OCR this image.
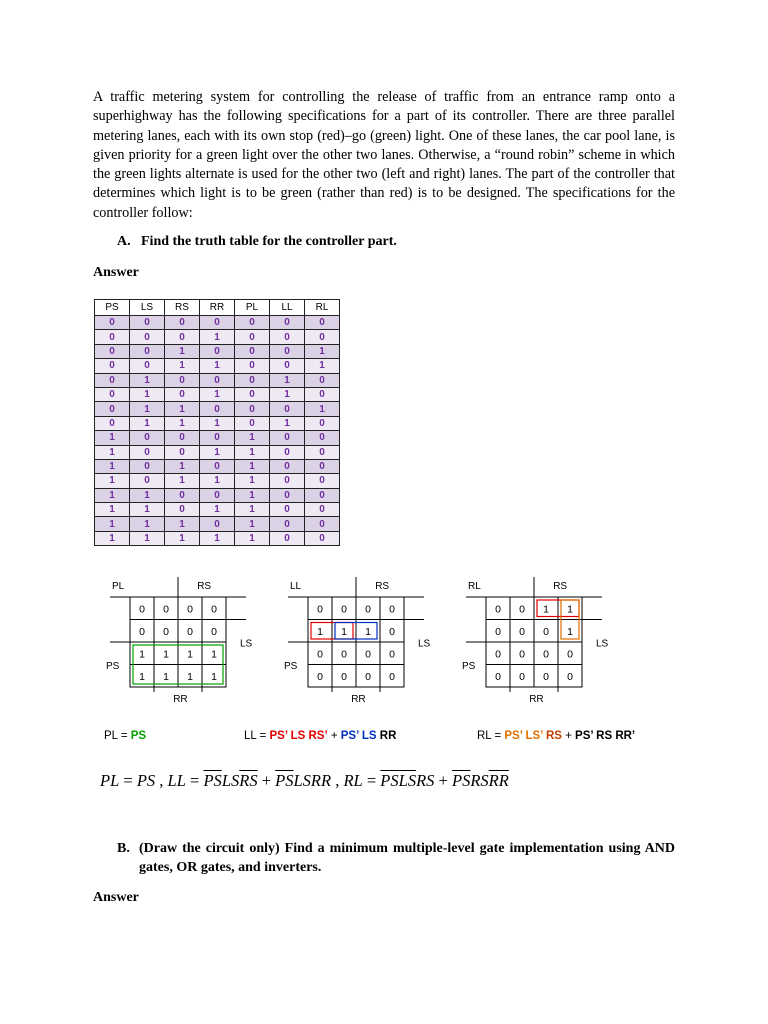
A traffic metering system for controlling the release of traffic from an entrance ramp onto a superhighway has the following specifications for a part of its controller. There are three parallel metering lanes, each with its own stop (red)–go (green) light. One of these lanes, the car pool lane, is given priority for a green light over the other two lanes. Otherwise, a “round robin” scheme in which the green lights alternate is used for the other two (left and right) lanes. The part of the controller that determines which light is to be green (rather than red) is to be designed. The specifications for the controller follow:

A. Find the truth table for the controller part.
Answer
PS	LS	RS	RR	PL	LL	RL
0	0	0	0	0	0	0
0	0	0	1	0	0	0
0	0	1	0	0	0	1
0	0	1	1	0	0	1
0	1	0	0	0	1	0
0	1	0	1	0	1	0
0	1	1	0	0	0	1
0	1	1	1	0	1	0
1	0	0	0	1	0	0
1	0	0	1	1	0	0
1	0	1	0	1	0	0
1	0	1	1	1	0	0
1	1	0	0	1	0	0
1	1	0	1	1	0	0
1	1	1	0	1	0	0
1	1	1	1	1	0	0
PL	RS
LS
PS
RR
0 0 0 0
0 0 0 0
1 1 1 1
1 1 1 1
LL	RS
LS
PS
RR
0 0 0 0
1 1 1 0
0 0 0 0
0 0 0 0
RL	RS
LS
PS
RR
0 0 1 1
0 0 0 1
0 0 0 0
0 0 0 0
PL = PS	LL = PS’ LS RS’ + PS’ LS RR	RL = PS’ LS’ RS + PS’ RS RR’
PL = PS , LL = $\overline{PS}LS\overline{RS}$ + $\overline{PS}LSRR$ , RL = $\overline{PS}\overline{LS}RS + \overline{PS}RS\overline{RR}$
B. (Draw the circuit only) Find a minimum multiple-level gate implementation using AND gates, OR gates, and inverters.
Answer
